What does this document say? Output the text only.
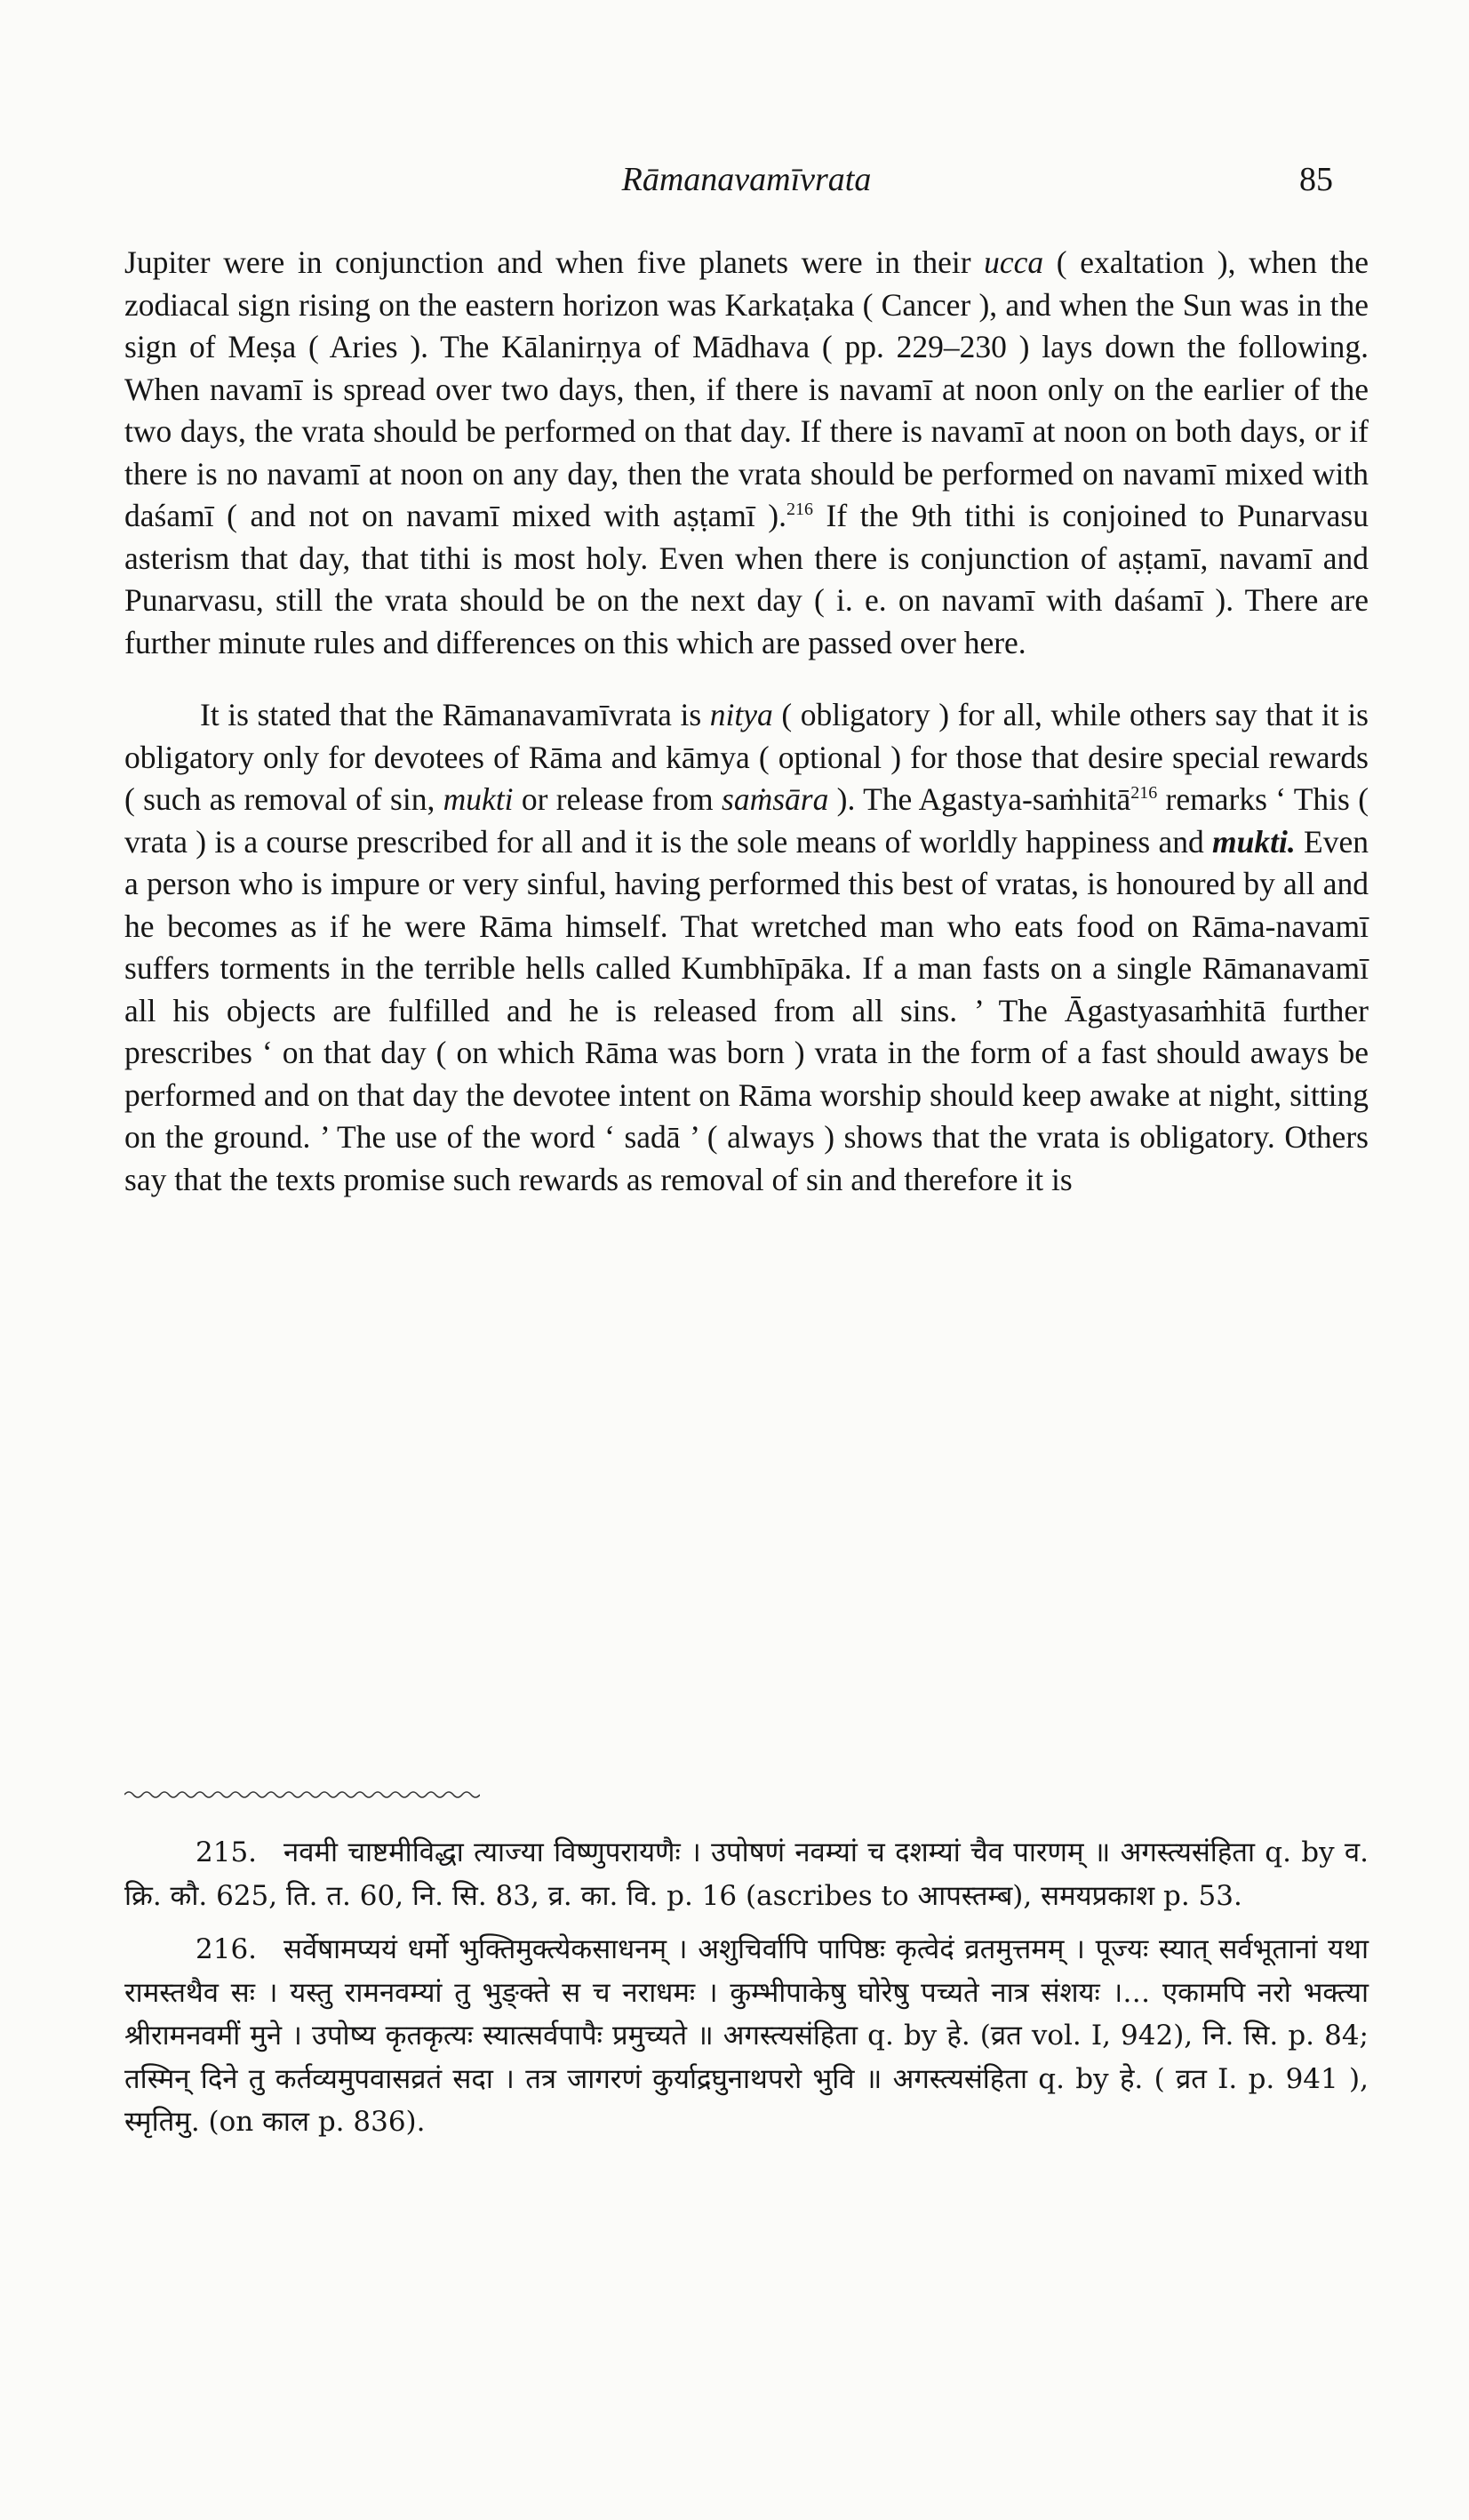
Rāmanavamīvrata	85

Jupiter were in conjunction and when five planets were in their ucca ( exaltation ), when the zodiacal sign rising on the eastern horizon was Karkaṭaka ( Cancer ), and when the Sun was in the sign of Meṣa ( Aries ). The Kālanirṇya of Mādhava ( pp. 229–230 ) lays down the following. When navamī is spread over two days, then, if there is navamī at noon only on the earlier of the two days, the vrata should be performed on that day. If there is navamī at noon on both days, or if there is no navamī at noon on any day, then the vrata should be performed on navamī mixed with daśamī ( and not on navamī mixed with aṣṭamī ).$^{216}$ If the 9th tithi is conjoined to Punarvasu asterism that day, that tithi is most holy. Even when there is conjunction of aṣṭamī, navamī and Punarvasu, still the vrata should be on the next day ( i. e. on navamī with daśamī ). There are further minute rules and differences on this which are passed over here.

It is stated that the Rāmanavamīvrata is nitya ( obligatory ) for all, while others say that it is obligatory only for devotees of Rāma and kāmya ( optional ) for those that desire special rewards ( such as removal of sin, mukti or release from saṁsāra ). The Agastya-saṁhitā$^{216}$ remarks ‘ This ( vrata ) is a course prescribed for all and it is the sole means of worldly happiness and mukti. Even a person who is impure or very sinful, having performed this best of vratas, is honoured by all and he becomes as if he were Rāma himself. That wretched man who eats food on Rāma-navamī suffers torments in the terrible hells called Kumbhīpāka. If a man fasts on a single Rāmanavamī all his objects are fulfilled and he is released from all sins. ’ The Āgastyasaṁhitā further prescribes ‘ on that day ( on which Rāma was born ) vrata in the form of a fast should aways be performed and on that day the devotee intent on Rāma worship should keep awake at night, sitting on the ground. ’ The use of the word ‘ sadā ’ ( always ) shows that the vrata is obligatory. Others say that the texts promise such rewards as removal of sin and therefore it is

215. नवमी चाष्टमीविद्धा त्याज्या विष्णुपरायणैः । उपोषणं नवम्यां च दशम्यां चैव पारणम् ॥ अगस्त्यसंहिता q. by व. क्रि. कौ. 625, ति. त. 60, नि. सि. 83, व्र. का. वि. p. 16 (ascribes to आपस्तम्ब), समयप्रकाश p. 53.

216. सर्वेषामप्ययं धर्मो भुक्तिमुक्त्येकसाधनम् । अशुचिर्वापि पापिष्ठः कृत्वेदं व्रतमुत्तमम् । पूज्यः स्यात् सर्वभूतानां यथा रामस्तथैव सः । यस्तु रामनवम्यां तु भुङ्क्ते स च नराधमः । कुम्भीपाकेषु घोरेषु पच्यते नात्र संशयः ।… एकामपि नरो भक्त्या श्रीरामनवमीं मुने । उपोष्य कृतकृत्यः स्यात्सर्वपापैः प्रमुच्यते ॥ अगस्त्यसंहिता q. by हे. (व्रत vol. I, 942), नि. सि. p. 84; तस्मिन् दिने तु कर्तव्यमुपवासव्रतं सदा । तत्र जागरणं कुर्याद्रघुनाथपरो भुवि ॥ अगस्त्यसंहिता q. by हे. ( व्रत I. p. 941 ), स्मृतिमु. (on काल p. 836).
